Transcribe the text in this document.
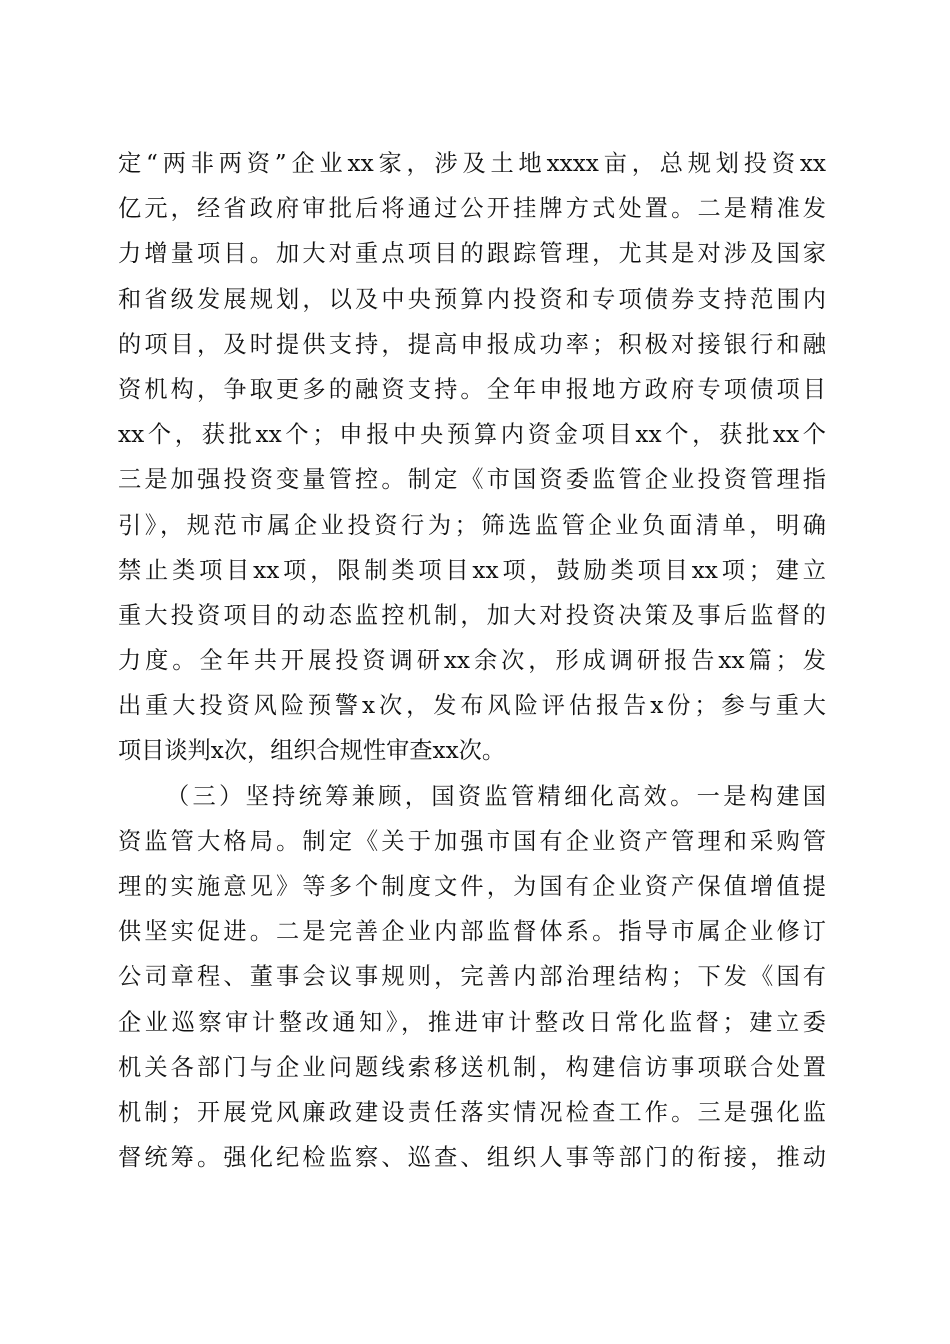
定“两非两资”企业xx家，涉及土地xxxx亩，总规划投资xx
亿元，经省政府审批后将通过公开挂牌方式处置。二是精准发
力增量项目。加大对重点项目的跟踪管理，尤其是对涉及国家
和省级发展规划，以及中央预算内投资和专项债券支持范围内
的项目，及时提供支持，提高申报成功率；积极对接银行和融
资机构，争取更多的融资支持。全年申报地方政府专项债项目
xx个，获批xx个；申报中央预算内资金项目xx个，获批xx个
三是加强投资变量管控。制定《市国资委监管企业投资管理指
引》，规范市属企业投资行为；筛选监管企业负面清单，明确
禁止类项目xx项，限制类项目xx项，鼓励类项目xx项；建立
重大投资项目的动态监控机制，加大对投资决策及事后监督的
力度。全年共开展投资调研xx余次，形成调研报告xx篇；发
出重大投资风险预警x次，发布风险评估报告x份；参与重大
项目谈判x次，组织合规性审查xx次。
（三）坚持统筹兼顾，国资监管精细化高效。一是构建国
资监管大格局。制定《关于加强市国有企业资产管理和采购管
理的实施意见》等多个制度文件，为国有企业资产保值增值提
供坚实促进。二是完善企业内部监督体系。指导市属企业修订
公司章程、董事会议事规则，完善内部治理结构；下发《国有
企业巡察审计整改通知》，推进审计整改日常化监督；建立委
机关各部门与企业问题线索移送机制，构建信访事项联合处置
机制；开展党风廉政建设责任落实情况检查工作。三是强化监
督统筹。强化纪检监察、巡查、组织人事等部门的衔接，推动
